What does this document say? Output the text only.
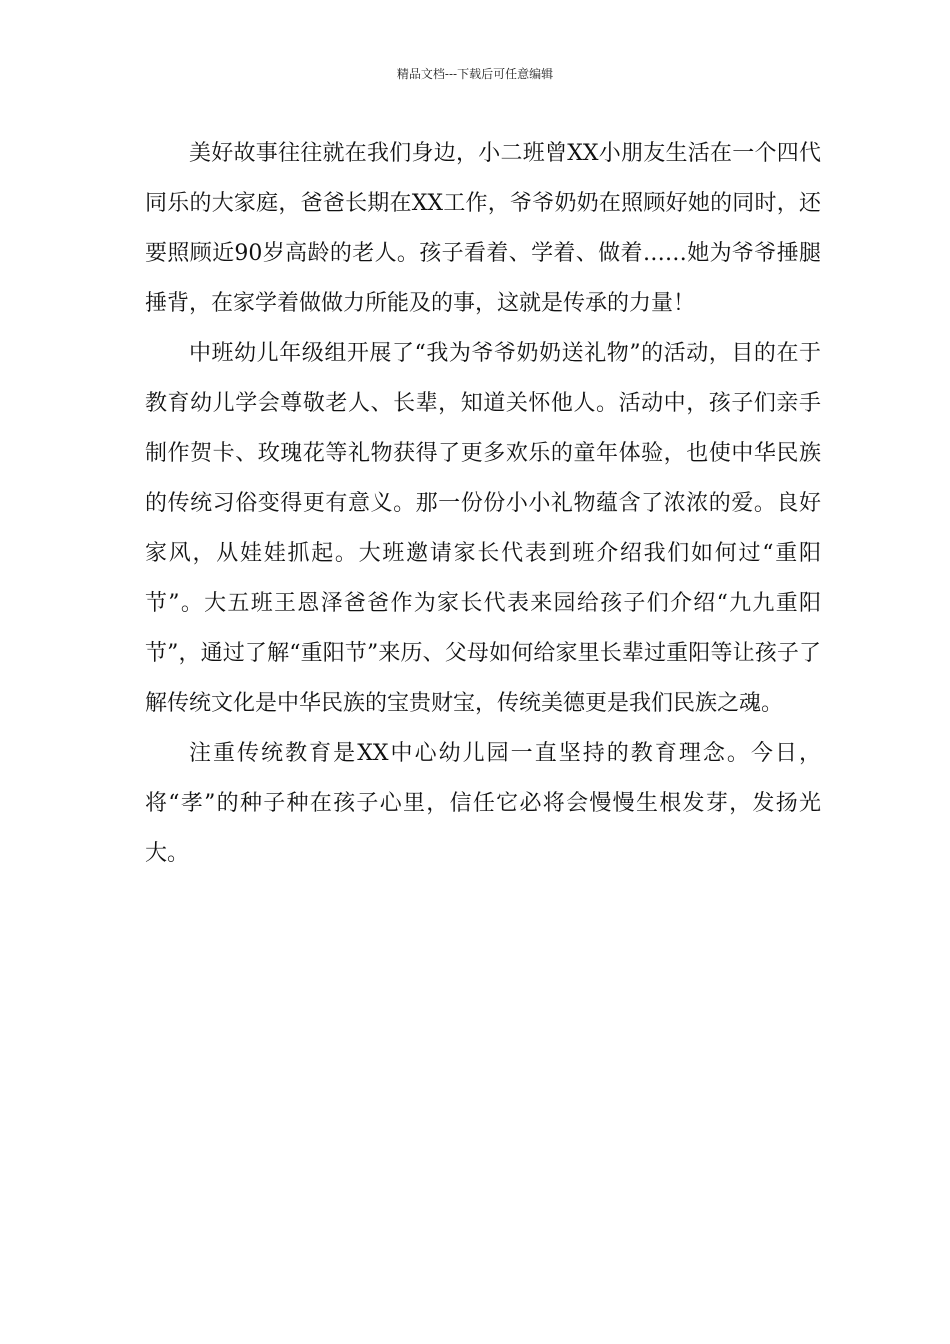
精品文档---下载后可任意编辑

美好故事往往就在我们身边，小二班曾XX小朋友生活在一个四代同乐的大家庭，爸爸长期在XX工作，爷爷奶奶在照顾好她的同时，还要照顾近90岁高龄的老人。孩子看着、学着、做着……她为爷爷捶腿捶背，在家学着做做力所能及的事，这就是传承的力量！

中班幼儿年级组开展了“我为爷爷奶奶送礼物”的活动，目的在于教育幼儿学会尊敬老人、长辈，知道关怀他人。活动中，孩子们亲手制作贺卡、玫瑰花等礼物获得了更多欢乐的童年体验，也使中华民族的传统习俗变得更有意义。那一份份小小礼物蕴含了浓浓的爱。良好家风，从娃娃抓起。大班邀请家长代表到班介绍我们如何过“重阳节”。大五班王恩泽爸爸作为家长代表来园给孩子们介绍“九九重阳节”，通过了解“重阳节”来历、父母如何给家里长辈过重阳等让孩子了解传统文化是中华民族的宝贵财宝，传统美德更是我们民族之魂。

注重传统教育是XX中心幼儿园一直坚持的教育理念。今日，将“孝”的种子种在孩子心里，信任它必将会慢慢生根发芽，发扬光大。
